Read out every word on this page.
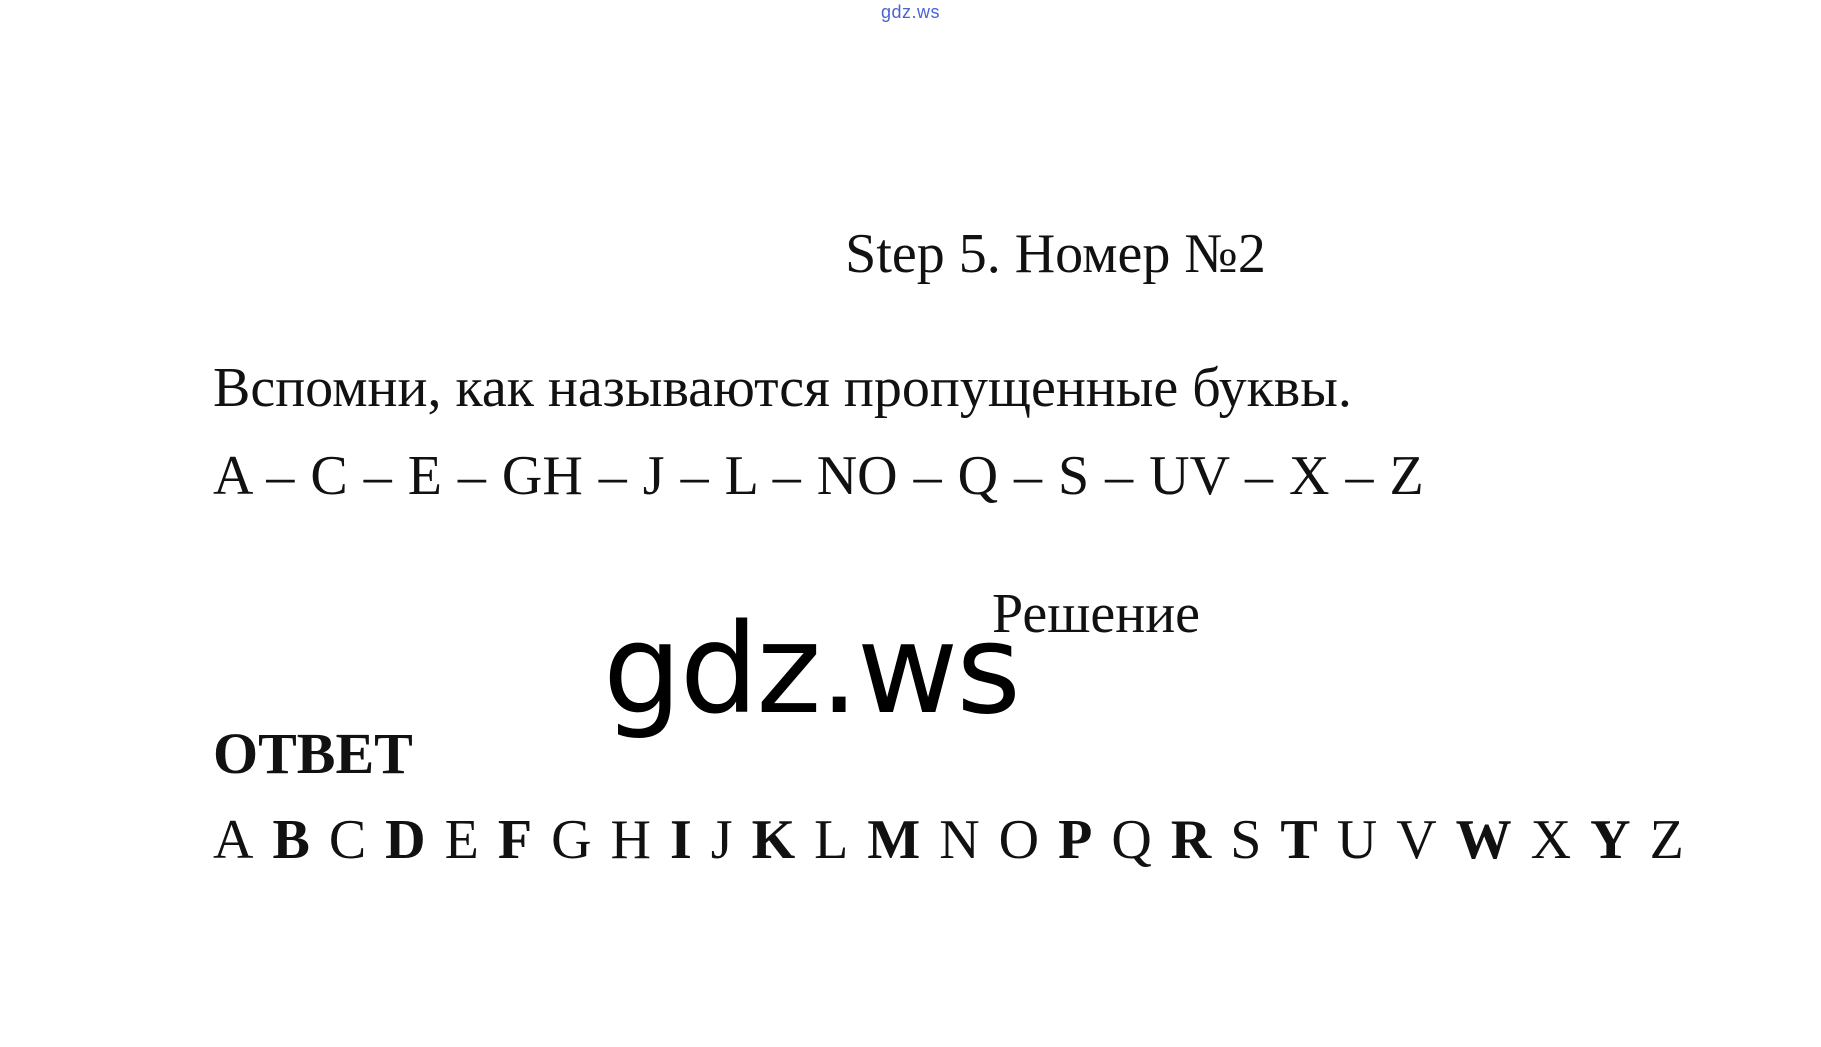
gdz.ws
Step 5. Номер №2
Вспомни, как называются пропущенные буквы.
A – C – E – GH – J – L – NO – Q – S – UV – X – Z
gdz.ws
Решение
ОТВЕТ
A B C D E F G H I J K L M N O P Q R S T U V W X Y Z
